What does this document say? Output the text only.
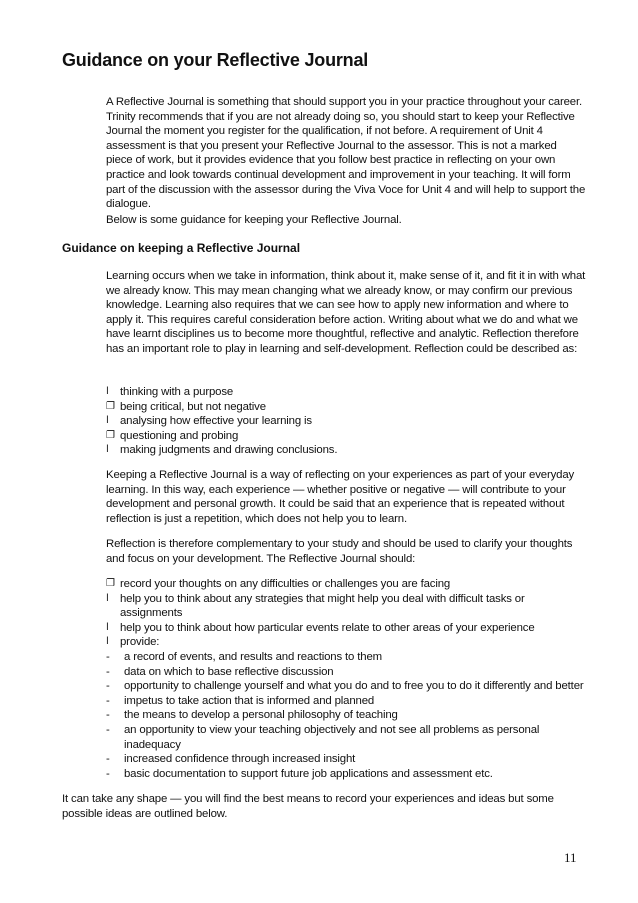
Guidance on your Reflective Journal

A Reflective Journal is something that should support you in your practice throughout your career. Trinity recommends that if you are not already doing so, you should start to keep your Reflective Journal the moment you register for the qualification, if not before. A requirement of Unit 4 assessment is that you present your Reflective Journal to the assessor. This is not a marked piece of work, but it provides evidence that you follow best practice in reflecting on your own practice and look towards continual development and improvement in your teaching. It will form part of the discussion with the assessor during the Viva Voce for Unit 4 and will help to support the dialogue.

Below is some guidance for keeping your Reflective Journal.

Guidance on keeping a Reflective Journal

Learning occurs when we take in information, think about it, make sense of it, and fit it in with what we already know. This may mean changing what we already know, or may confirm our previous knowledge. Learning also requires that we can see how to apply new information and where to apply it. This requires careful consideration before action. Writing about what we do and what we have learnt disciplines us to become more thoughtful, reflective and analytic. Reflection therefore has an important role to play in learning and self-development. Reflection could be described as:

l thinking with a purpose
❐ being critical, but not negative
l analysing how effective your learning is
❐ questioning and probing
l making judgments and drawing conclusions.

Keeping a Reflective Journal is a way of reflecting on your experiences as part of your everyday learning. In this way, each experience — whether positive or negative — will contribute to your development and personal growth. It could be said that an experience that is repeated without reflection is just a repetition, which does not help you to learn.

Reflection is therefore complementary to your study and should be used to clarify your thoughts and focus on your development. The Reflective Journal should:

❐ record your thoughts on any difficulties or challenges you are facing
l help you to think about any strategies that might help you deal with difficult tasks or assignments
l help you to think about how particular events relate to other areas of your experience
l provide:
- a record of events, and results and reactions to them
- data on which to base reflective discussion
- opportunity to challenge yourself and what you do and to free you to do it differently and better
- impetus to take action that is informed and planned
- the means to develop a personal philosophy of teaching
- an opportunity to view your teaching objectively and not see all problems as personal inadequacy
- increased confidence through increased insight
- basic documentation to support future job applications and assessment etc.

It can take any shape — you will find the best means to record your experiences and ideas but some possible ideas are outlined below.

11
